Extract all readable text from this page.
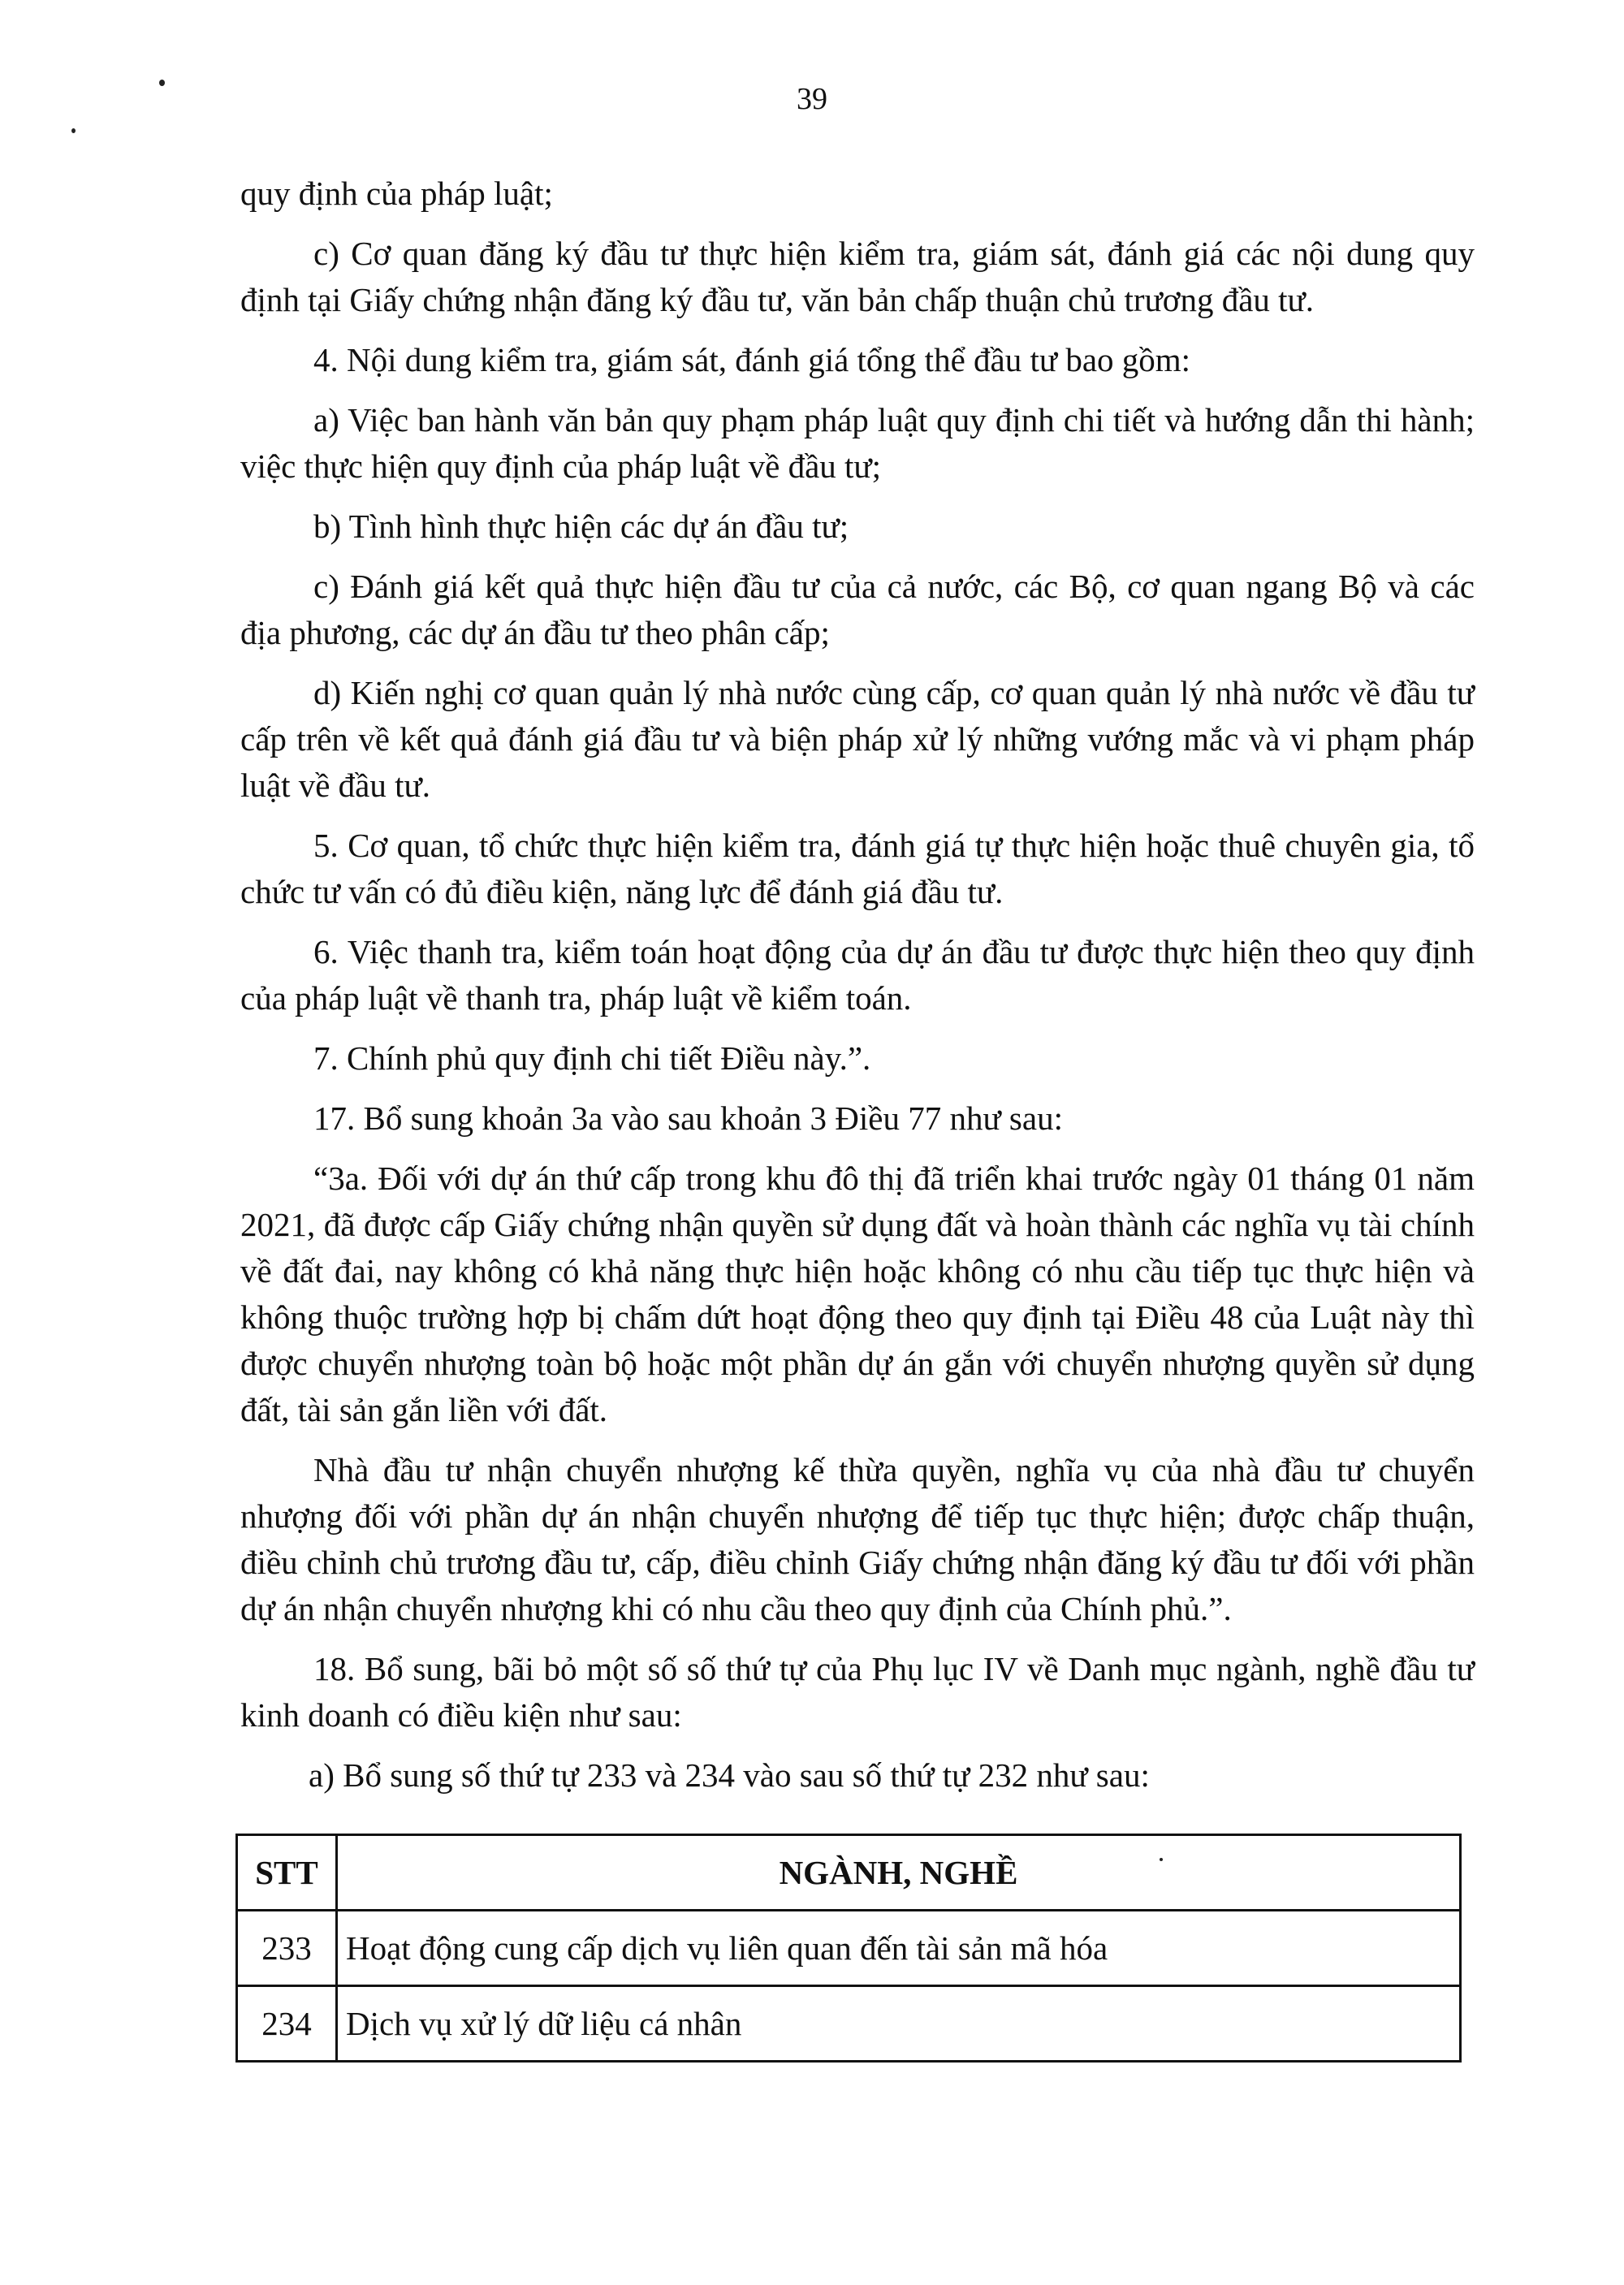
39

quy định của pháp luật;

c) Cơ quan đăng ký đầu tư thực hiện kiểm tra, giám sát, đánh giá các nội dung quy định tại Giấy chứng nhận đăng ký đầu tư, văn bản chấp thuận chủ trương đầu tư.

4. Nội dung kiểm tra, giám sát, đánh giá tổng thể đầu tư bao gồm:

a) Việc ban hành văn bản quy phạm pháp luật quy định chi tiết và hướng dẫn thi hành; việc thực hiện quy định của pháp luật về đầu tư;

b) Tình hình thực hiện các dự án đầu tư;

c) Đánh giá kết quả thực hiện đầu tư của cả nước, các Bộ, cơ quan ngang Bộ và các địa phương, các dự án đầu tư theo phân cấp;

d) Kiến nghị cơ quan quản lý nhà nước cùng cấp, cơ quan quản lý nhà nước về đầu tư cấp trên về kết quả đánh giá đầu tư và biện pháp xử lý những vướng mắc và vi phạm pháp luật về đầu tư.

5. Cơ quan, tổ chức thực hiện kiểm tra, đánh giá tự thực hiện hoặc thuê chuyên gia, tổ chức tư vấn có đủ điều kiện, năng lực để đánh giá đầu tư.

6. Việc thanh tra, kiểm toán hoạt động của dự án đầu tư được thực hiện theo quy định của pháp luật về thanh tra, pháp luật về kiểm toán.

7. Chính phủ quy định chi tiết Điều này.”.

17. Bổ sung khoản 3a vào sau khoản 3 Điều 77 như sau:

“3a. Đối với dự án thứ cấp trong khu đô thị đã triển khai trước ngày 01 tháng 01 năm 2021, đã được cấp Giấy chứng nhận quyền sử dụng đất và hoàn thành các nghĩa vụ tài chính về đất đai, nay không có khả năng thực hiện hoặc không có nhu cầu tiếp tục thực hiện và không thuộc trường hợp bị chấm dứt hoạt động theo quy định tại Điều 48 của Luật này thì được chuyển nhượng toàn bộ hoặc một phần dự án gắn với chuyển nhượng quyền sử dụng đất, tài sản gắn liền với đất.

Nhà đầu tư nhận chuyển nhượng kế thừa quyền, nghĩa vụ của nhà đầu tư chuyển nhượng đối với phần dự án nhận chuyển nhượng để tiếp tục thực hiện; được chấp thuận, điều chỉnh chủ trương đầu tư, cấp, điều chỉnh Giấy chứng nhận đăng ký đầu tư đối với phần dự án nhận chuyển nhượng khi có nhu cầu theo quy định của Chính phủ.”.

18. Bổ sung, bãi bỏ một số số thứ tự của Phụ lục IV về Danh mục ngành, nghề đầu tư kinh doanh có điều kiện như sau:

a) Bổ sung số thứ tự 233 và 234 vào sau số thứ tự 232 như sau:

STT	NGÀNH, NGHỀ
233	Hoạt động cung cấp dịch vụ liên quan đến tài sản mã hóa
234	Dịch vụ xử lý dữ liệu cá nhân
